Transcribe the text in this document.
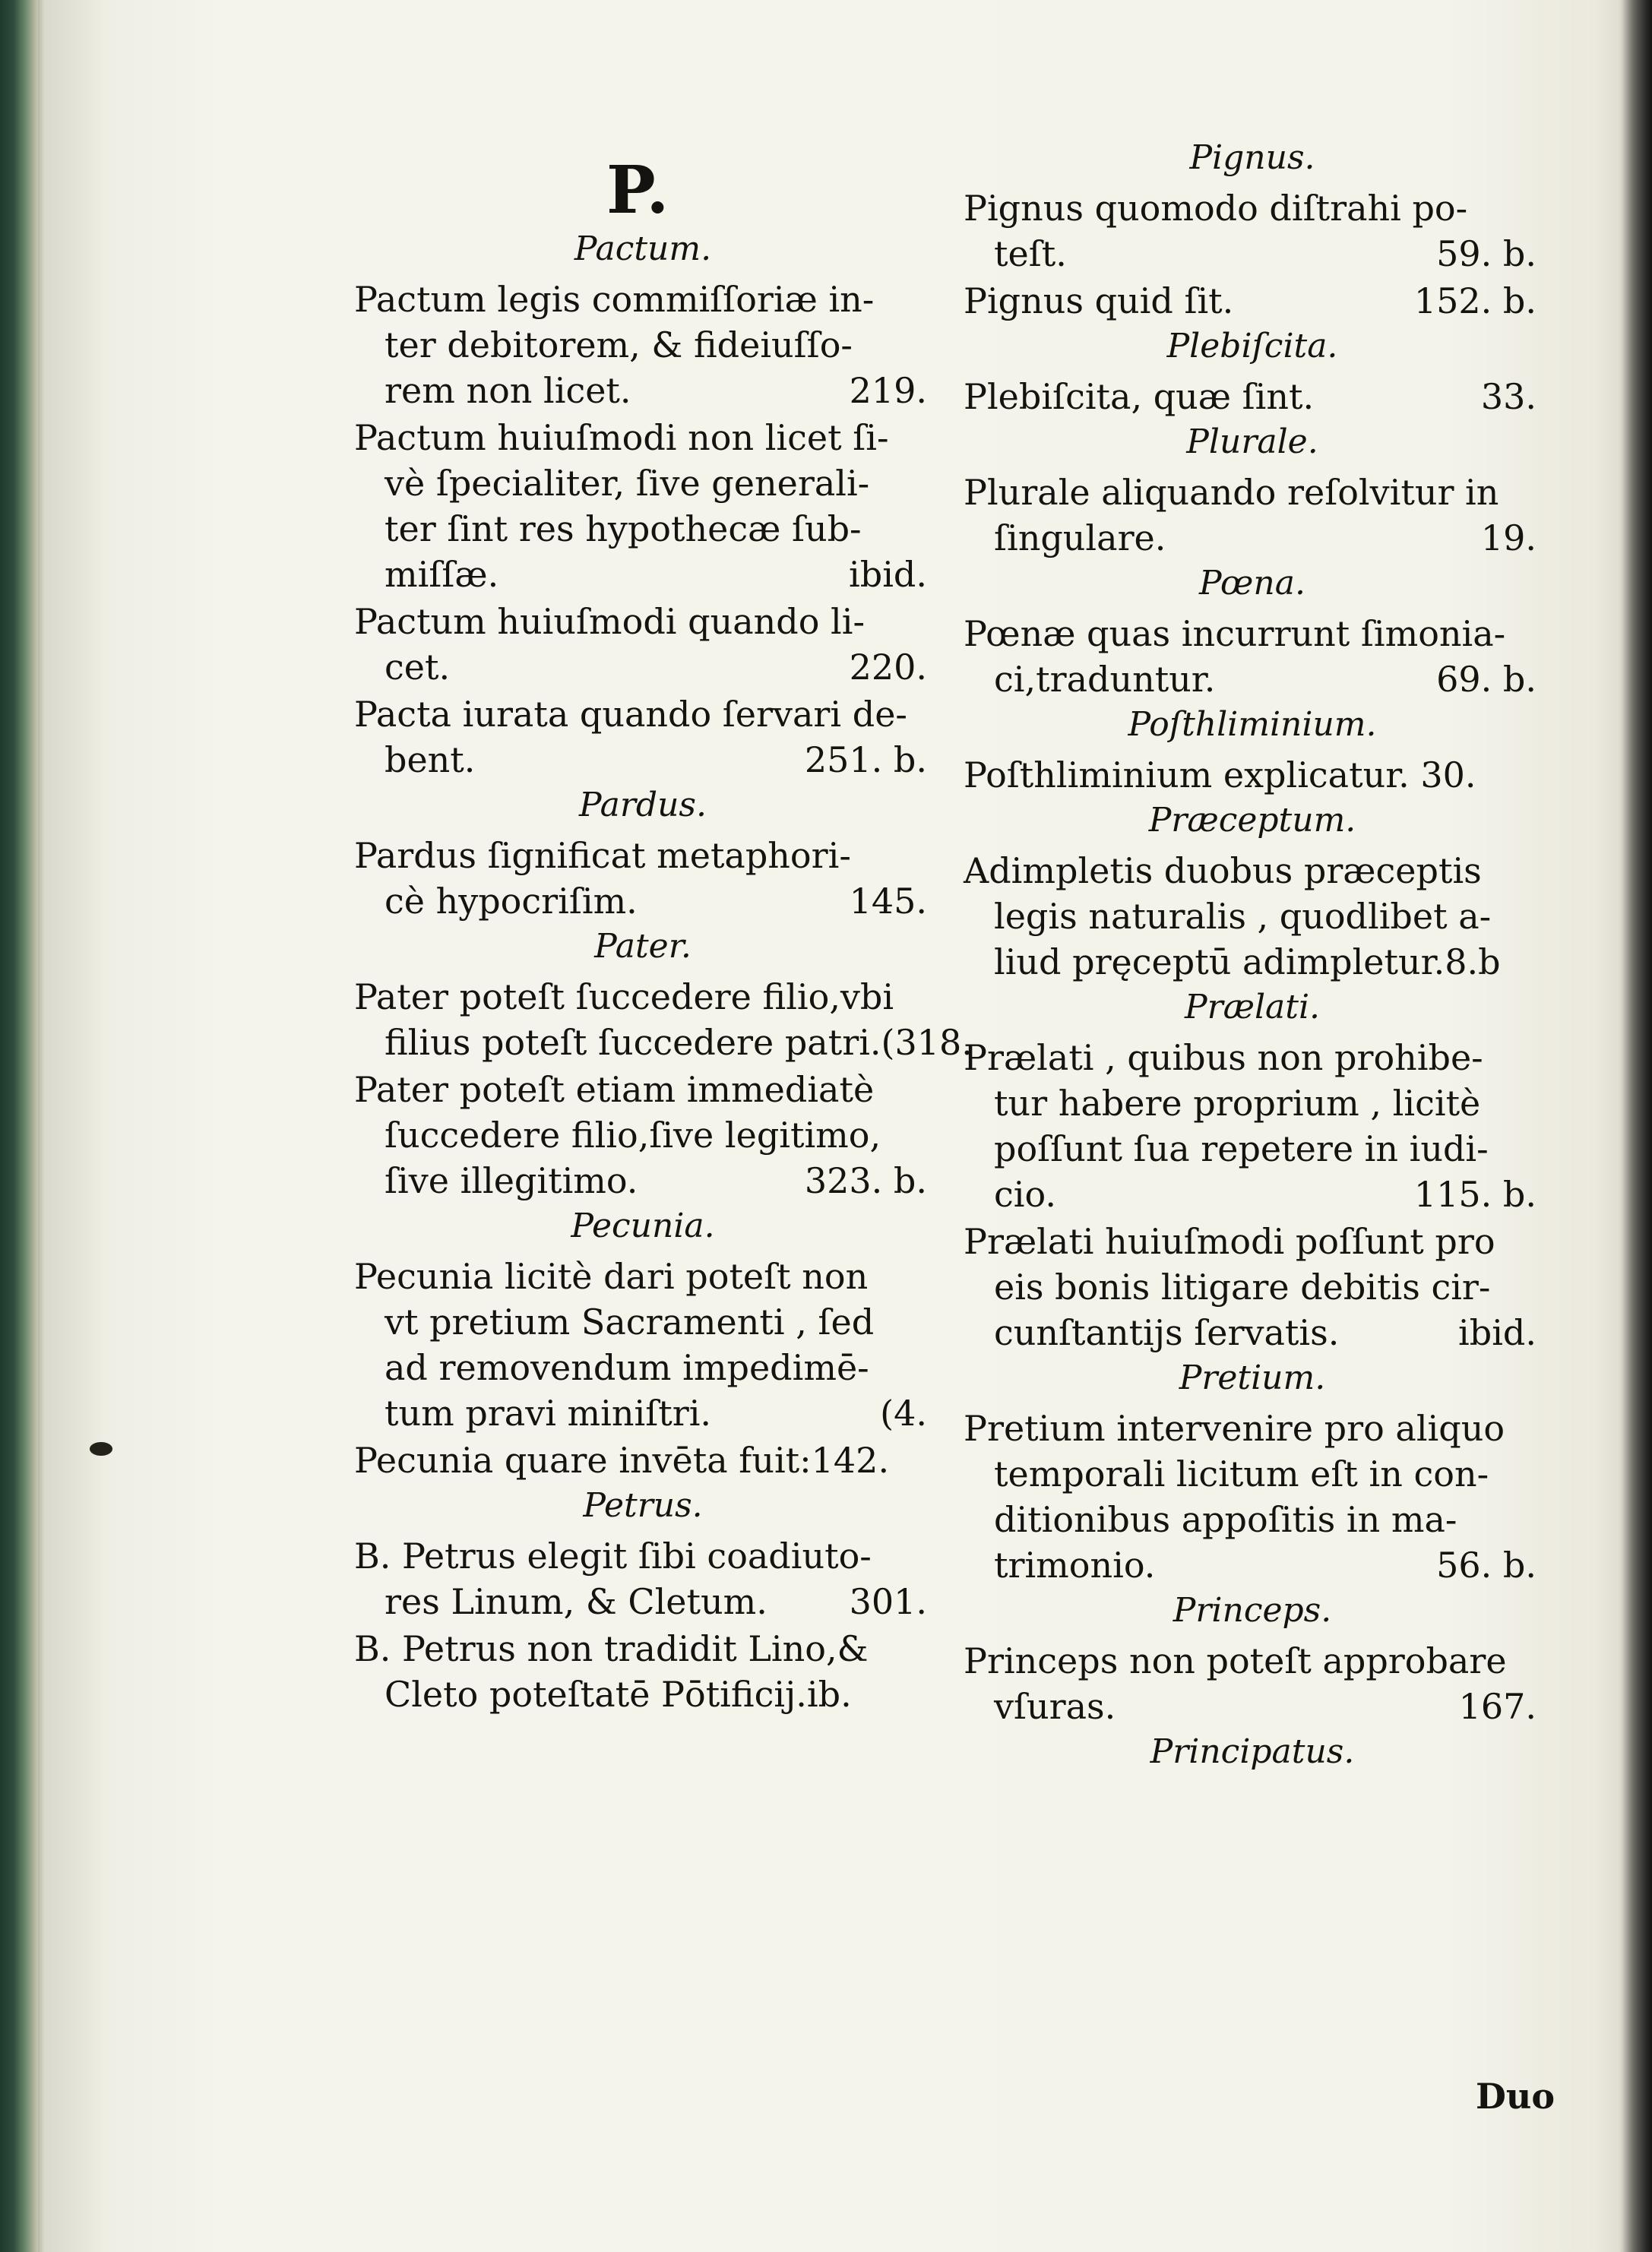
P.
Pactum.
Pactum legis commiſſoriæ in-
ter debitorem, & fideiuſſo-
rem non licet.	219.
Pactum huiuſmodi non licet ſi-
vè ſpecialiter, ſive generali-
ter ſint res hypothecæ ſub-
miſſæ.	ibid.
Pactum huiuſmodi quando li-
cet.	220.
Pacta iurata quando ſervari de-
bent.	251. b.
Pardus.
Pardus ſignificat metaphori-
cè hypocriſim.	145.
Pater.
Pater poteſt ſuccedere filio,vbi
filius poteſt ſuccedere patri. (318.
Pater poteſt etiam immediatè
ſuccedere filio,ſive legitimo,
ſive illegitimo.	323. b.
Pecunia.
Pecunia licitè dari poteſt non
vt pretium Sacramenti , ſed
ad removendum impedimē-
tum pravi miniſtri.	(4.
Pecunia quare invēta fuit:142.
Petrus.
B. Petrus elegit ſibi coadiuto-
res Linum, & Cletum. 301.
B. Petrus non tradidit Lino,&
Cleto poteſtatē Pōtificij.ib.
Pignus.
Pignus quomodo diſtrahi po-
teſt.	59. b.
Pignus quid ſit.	152. b.
Plebiſcita.
Plebiſcita, quæ ſint.	33.
Plurale.
Plurale aliquando reſolvitur in
ſingulare.	19.
Pœna.
Pœnæ quas incurrunt ſimonia-
ci,traduntur.	69. b.
Poſthliminium.
Poſthliminium explicatur. 30.
Præceptum.
Adimpletis duobus præceptis
legis naturalis , quodlibet a-
liud pręceptū adimpletur.8.b
Prælati.
Prælati , quibus non prohibe-
tur habere proprium , licitè
poſſunt ſua repetere in iudi-
cio.	115. b.
Prælati huiuſmodi poſſunt pro
eis bonis litigare debitis cir-
cunſtantijs ſervatis.	ibid.
Pretium.
Pretium intervenire pro aliquo
temporali licitum eſt in con-
ditionibus appoſitis in ma-
trimonio.	56. b.
Princeps.
Princeps non poteſt approbare
vſuras.	167.
Principatus.
Duo
